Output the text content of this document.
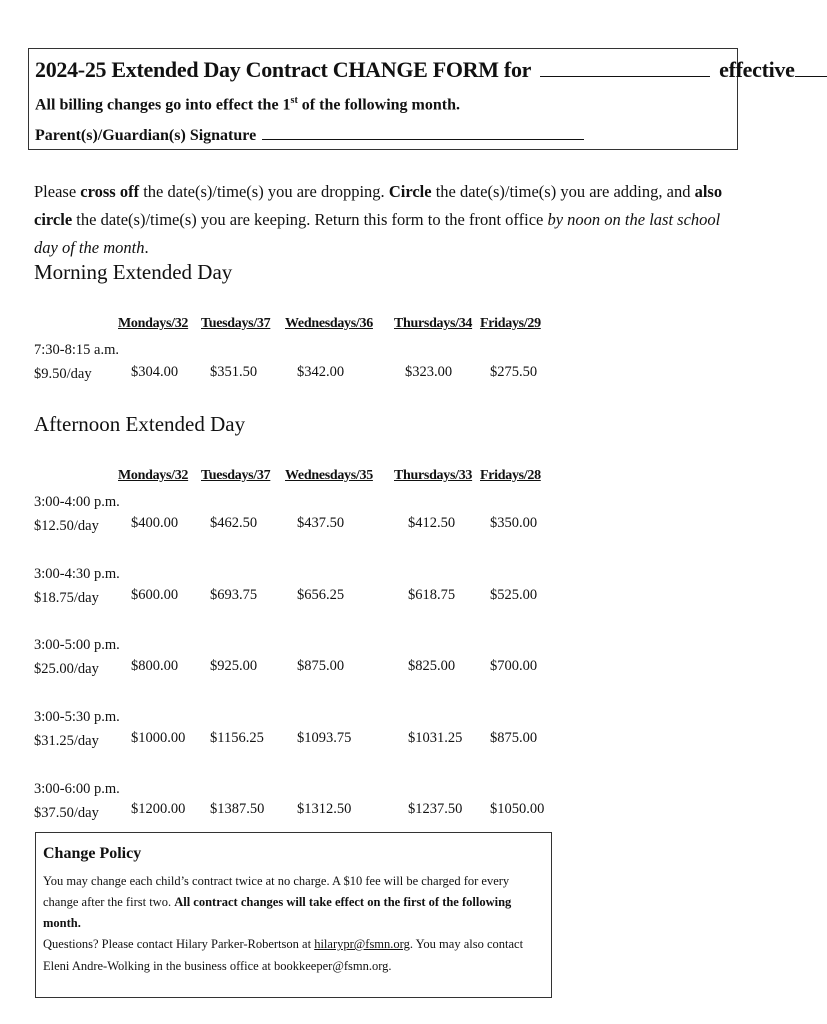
2024-25 Extended Day Contract CHANGE FORM for	effective
All billing changes go into effect the 1st of the following month.
Parent(s)/Guardian(s) Signature
Please cross off the date(s)/time(s) you are dropping. Circle the date(s)/time(s) you are adding, and also circle the date(s)/time(s) you are keeping. Return this form to the front office by noon on the last school day of the month.
Morning Extended Day
Mondays/32 Tuesdays/37 Wednesdays/36 Thursdays/34 Fridays/29
7:30-8:15 a.m.
$9.50/day	$304.00 $351.50	$342.00	$323.00	$275.50
Afternoon Extended Day
Mondays/32 Tuesdays/37 Wednesdays/35 Thursdays/33 Fridays/28
3:00-4:00 p.m.
$12.50/day	$400.00 $462.50	$437.50	$412.50 $350.00
3:00-4:30 p.m.
$18.75/day	$600.00 $693.75	$656.25	$618.75 $525.00
3:00-5:00 p.m.
$25.00/day	$800.00 $925.00	$875.00	$825.00 $700.00
3:00-5:30 p.m.
$31.25/day	$1000.00 $1156.25 $1093.75	$1031.25 $875.00
3:00-6:00 p.m.
$37.50/day	$1200.00 $1387.50 $1312.50	$1237.50 $1050.00
Change Policy
You may change each child’s contract twice at no charge. A $10 fee will be charged for every change after the first two. All contract changes will take effect on the first of the following month.
Questions? Please contact Hilary Parker-Robertson at hilarypr@fsmn.org. You may also contact Eleni Andre-Wolking in the business office at bookkeeper@fsmn.org.
